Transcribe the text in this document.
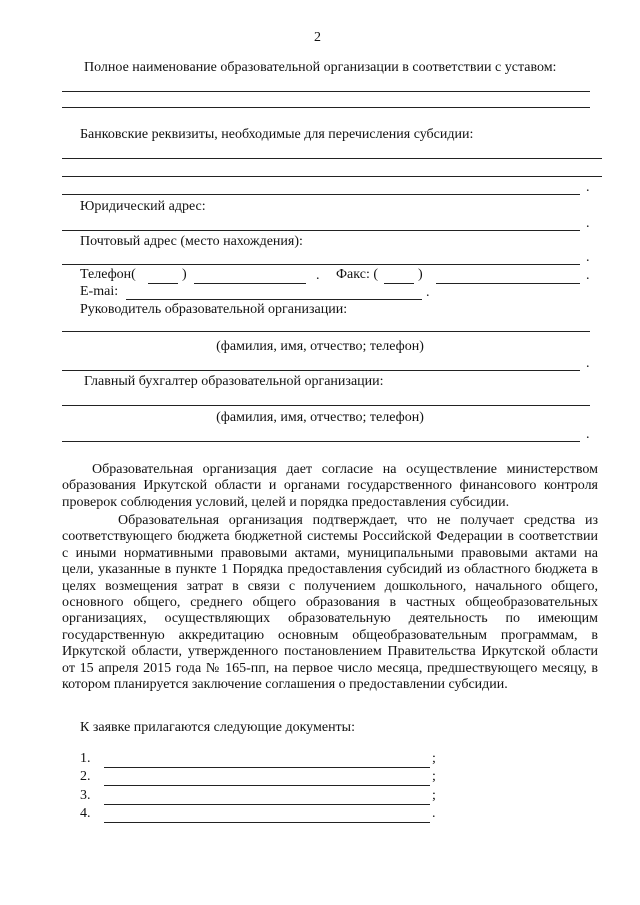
2
Полное наименование образовательной организации в соответствии с уставом:
Банковские реквизиты, необходимые для перечисления субсидии:
.
Юридический адрес:
.
Почтовый адрес (место нахождения):
.
Телефон(	)	. Факс: (	)	.
E-mai:	.
Руководитель образовательной организации:
(фамилия, имя, отчество; телефон)
.
Главный бухгалтер образовательной организации:
(фамилия, имя, отчество; телефон)
.

Образовательная организация дает согласие на осуществление министерством образования Иркутской области и органами государственного финансового контроля проверок соблюдения условий, целей и порядка предоставления субсидии.

Образовательная организация подтверждает, что не получает средства из соответствующего бюджета бюджетной системы Российской Федерации в соответствии с иными нормативными правовыми актами, муниципальными правовыми актами на цели, указанные в пункте 1 Порядка предоставления субсидий из областного бюджета в целях возмещения затрат в связи с получением дошкольного, начального общего, основного общего, среднего общего образования в частных общеобразовательных организациях, осуществляющих образовательную деятельность по имеющим государственную аккредитацию основным общеобразовательным программам, в Иркутской области, утвержденного постановлением Правительства Иркутской области от 15 апреля 2015 года № 165-пп, на первое число месяца, предшествующего месяцу, в котором планируется заключение соглашения о предоставлении субсидии.

К заявке прилагаются следующие документы:
1.	;
2.	;
3.	;
4.	.
